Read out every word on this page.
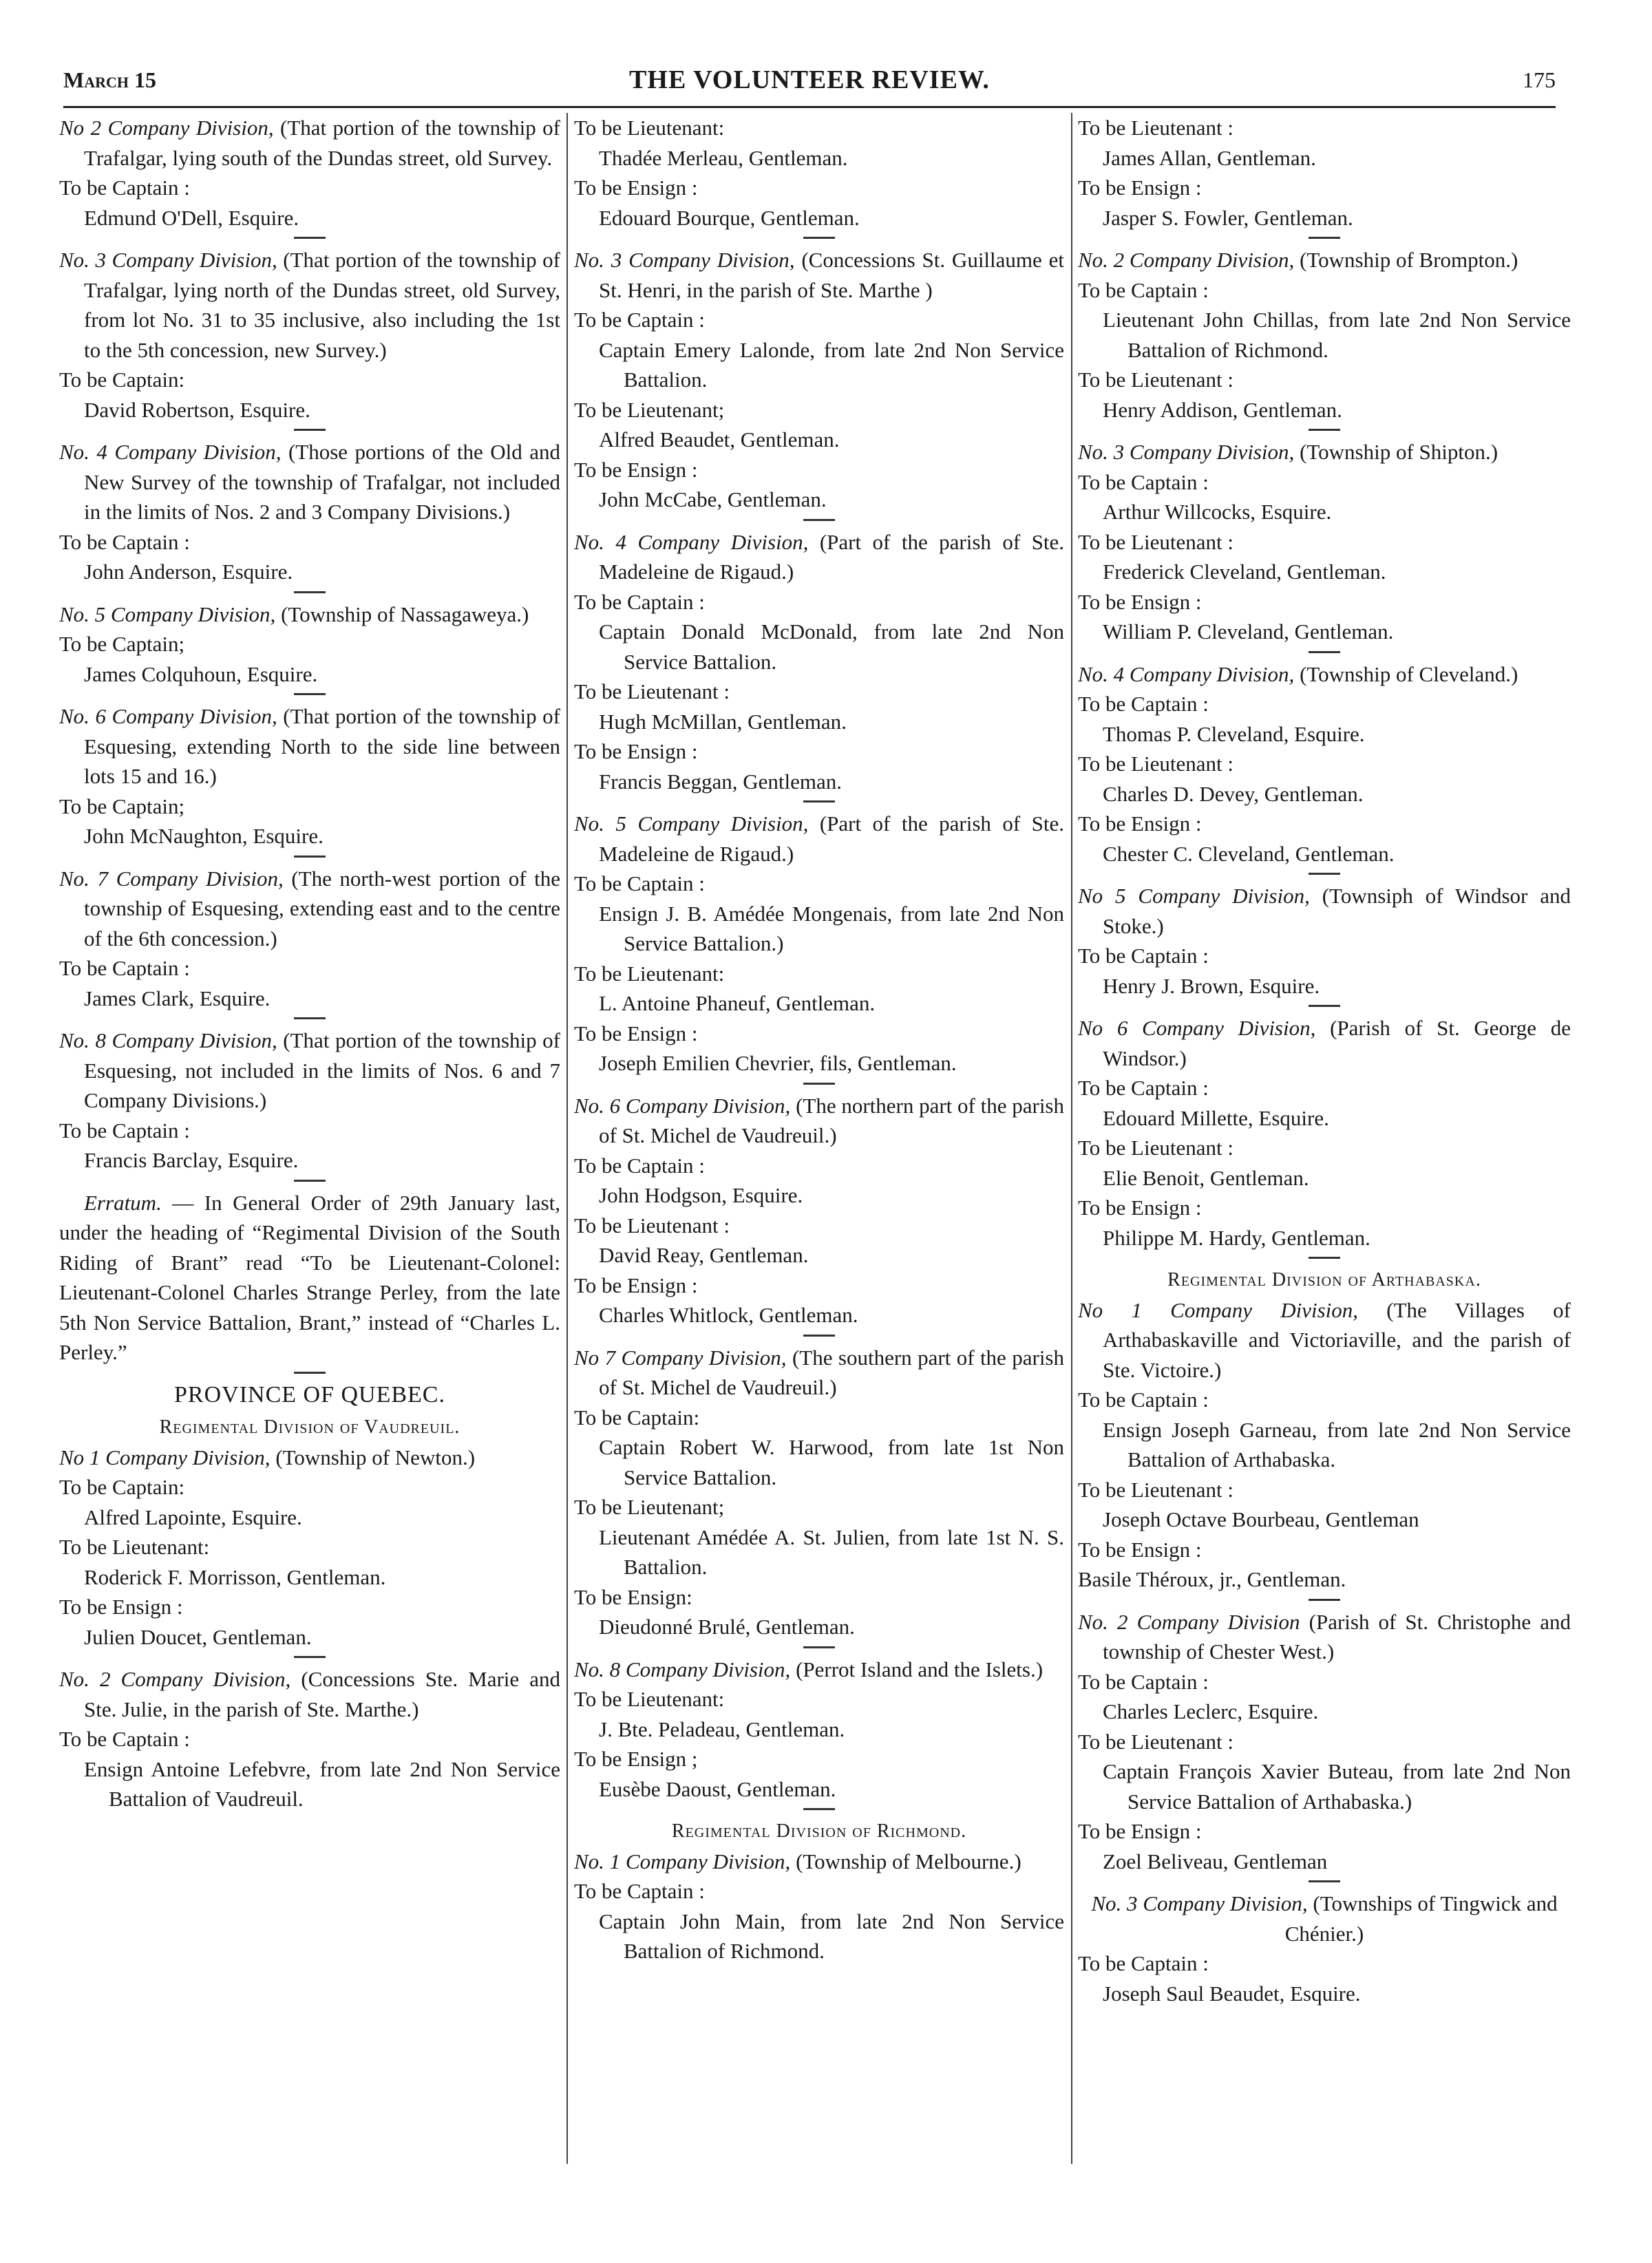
March 15	THE VOLUNTEER REVIEW.	175
No 2 Company Division, (That portion of the township of Trafalgar, lying south of the Dundas street, old Survey.
To be Captain :
Edmund O'Dell, Esquire.
No. 3 Company Division, (That portion of the township of Trafalgar, lying north of the Dundas street, old Survey, from lot No. 31 to 35 inclusive, also including the 1st to the 5th concession, new Survey.)
To be Captain:
David Robertson, Esquire.
No. 4 Company Division, (Those portions of the Old and New Survey of the township of Trafalgar, not included in the limits of Nos. 2 and 3 Company Divisions.)
To be Captain :
John Anderson, Esquire.
No. 5 Company Division, (Township of Nassagaweya.)
To be Captain;
James Colquhoun, Esquire.
No. 6 Company Division, (That portion of the township of Esquesing, extending North to the side line between lots 15 and 16.)
To be Captain;
John McNaughton, Esquire.
No. 7 Company Division, (The north-west portion of the township of Esquesing, extending east and to the centre of the 6th concession.)
To be Captain :
James Clark, Esquire.
No. 8 Company Division, (That portion of the township of Esquesing, not included in the limits of Nos. 6 and 7 Company Divisions.)
To be Captain :
Francis Barclay, Esquire.
Erratum. — In General Order of 29th January last, under the heading of “Regimental Division of the South Riding of Brant” read “To be Lieutenant-Colonel: Lieutenant-Colonel Charles Strange Perley, from the late 5th Non Service Battalion, Brant,” instead of “Charles L. Perley.”
PROVINCE OF QUEBEC.
Regimental Division of Vaudreuil.
No 1 Company Division, (Township of Newton.)
To be Captain:
Alfred Lapointe, Esquire.
To be Lieutenant:
Roderick F. Morrisson, Gentleman.
To be Ensign :
Julien Doucet, Gentleman.
No. 2 Company Division, (Concessions Ste. Marie and Ste. Julie, in the parish of Ste. Marthe.)
To be Captain :
Ensign Antoine Lefebvre, from late 2nd Non Service Battalion of Vaudreuil.
To be Lieutenant:
Thadée Merleau, Gentleman.
To be Ensign :
Edouard Bourque, Gentleman.
No. 3 Company Division, (Concessions St. Guillaume et St. Henri, in the parish of Ste. Marthe )
To be Captain :
Captain Emery Lalonde, from late 2nd Non Service Battalion.
To be Lieutenant;
Alfred Beaudet, Gentleman.
To be Ensign :
John McCabe, Gentleman.
No. 4 Company Division, (Part of the parish of Ste. Madeleine de Rigaud.)
To be Captain :
Captain Donald McDonald, from late 2nd Non Service Battalion.
To be Lieutenant :
Hugh McMillan, Gentleman.
To be Ensign :
Francis Beggan, Gentleman.
No. 5 Company Division, (Part of the parish of Ste. Madeleine de Rigaud.)
To be Captain :
Ensign J. B. Amédée Mongenais, from late 2nd Non Service Battalion.)
To be Lieutenant:
L. Antoine Phaneuf, Gentleman.
To be Ensign :
Joseph Emilien Chevrier, fils, Gentleman.
No. 6 Company Division, (The northern part of the parish of St. Michel de Vaudreuil.)
To be Captain :
John Hodgson, Esquire.
To be Lieutenant :
David Reay, Gentleman.
To be Ensign :
Charles Whitlock, Gentleman.
No 7 Company Division, (The southern part of the parish of St. Michel de Vaudreuil.)
To be Captain:
Captain Robert W. Harwood, from late 1st Non Service Battalion.
To be Lieutenant;
Lieutenant Amédée A. St. Julien, from late 1st N. S. Battalion.
To be Ensign:
Dieudonné Brulé, Gentleman.
No. 8 Company Division, (Perrot Island and the Islets.)
To be Lieutenant:
J. Bte. Peladeau, Gentleman.
To be Ensign ;
Eusèbe Daoust, Gentleman.
Regimental Division of Richmond.
No. 1 Company Division, (Township of Melbourne.)
To be Captain :
Captain John Main, from late 2nd Non Service Battalion of Richmond.
To be Lieutenant :
James Allan, Gentleman.
To be Ensign :
Jasper S. Fowler, Gentleman.
No. 2 Company Division, (Township of Brompton.)
To be Captain :
Lieutenant John Chillas, from late 2nd Non Service Battalion of Richmond.
To be Lieutenant :
Henry Addison, Gentleman.
No. 3 Company Division, (Township of Shipton.)
To be Captain :
Arthur Willcocks, Esquire.
To be Lieutenant :
Frederick Cleveland, Gentleman.
To be Ensign :
William P. Cleveland, Gentleman.
No. 4 Company Division, (Township of Cleveland.)
To be Captain :
Thomas P. Cleveland, Esquire.
To be Lieutenant :
Charles D. Devey, Gentleman.
To be Ensign :
Chester C. Cleveland, Gentleman.
No 5 Company Division, (Townsiph of Windsor and Stoke.)
To be Captain :
Henry J. Brown, Esquire.
No 6 Company Division, (Parish of St. George de Windsor.)
To be Captain :
Edouard Millette, Esquire.
To be Lieutenant :
Elie Benoit, Gentleman.
To be Ensign :
Philippe M. Hardy, Gentleman.
Regimental Division of Arthabaska.
No 1 Company Division, (The Villages of Arthabaskaville and Victoriaville, and the parish of Ste. Victoire.)
To be Captain :
Ensign Joseph Garneau, from late 2nd Non Service Battalion of Arthabaska.
To be Lieutenant :
Joseph Octave Bourbeau, Gentleman
To be Ensign :
Basile Théroux, jr., Gentleman.
No. 2 Company Division (Parish of St. Christophe and township of Chester West.)
To be Captain :
Charles Leclerc, Esquire.
To be Lieutenant :
Captain François Xavier Buteau, from late 2nd Non Service Battalion of Arthabaska.)
To be Ensign :
Zoel Beliveau, Gentleman
No. 3 Company Division, (Townships of Tingwick and Chénier.)
To be Captain :
Joseph Saul Beaudet, Esquire.
